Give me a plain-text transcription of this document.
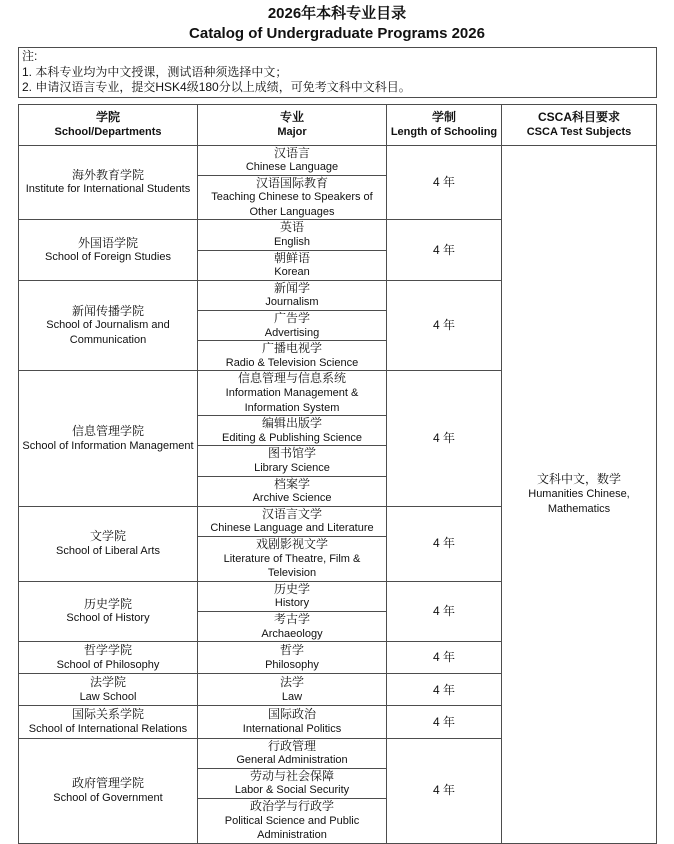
2026年本科专业目录
Catalog of Undergraduate Programs 2026
注:
1. 本科专业均为中文授课，测试语种须选择中文；
2. 申请汉语言专业，提交HSK4级180分以上成绩，可免考文科中文科目。
学院
School/Departments
专业
Major
学制
Length of Schooling
CSCA科目要求
CSCA Test Subjects
海外教育学院
Institute for International Students
汉语言
Chinese Language
汉语国际教育
Teaching Chinese to Speakers of Other Languages
4 年
外国语学院
School of Foreign Studies
英语
English
朝鲜语
Korean
4 年
新闻传播学院
School of Journalism and Communication
新闻学
Journalism
广告学
Advertising
广播电视学
Radio & Television Science
4 年
信息管理学院
School of Information Management
信息管理与信息系统
Information Management & Information System
编辑出版学
Editing & Publishing Science
图书馆学
Library Science
档案学
Archive Science
4 年
文学院
School of Liberal Arts
汉语言文学
Chinese Language and Literature
戏剧影视文学
Literature of Theatre, Film & Television
4 年
历史学院
School of History
历史学
History
考古学
Archaeology
4 年
哲学学院
School of Philosophy
哲学
Philosophy
4 年
法学院
Law School
法学
Law
4 年
国际关系学院
School of International Relations
国际政治
International Politics
4 年
政府管理学院
School of Government
行政管理
General Administration
劳动与社会保障
Labor & Social Security
政治学与行政学
Political Science and Public Administration
4 年
文科中文，数学
Humanities Chinese, Mathematics
